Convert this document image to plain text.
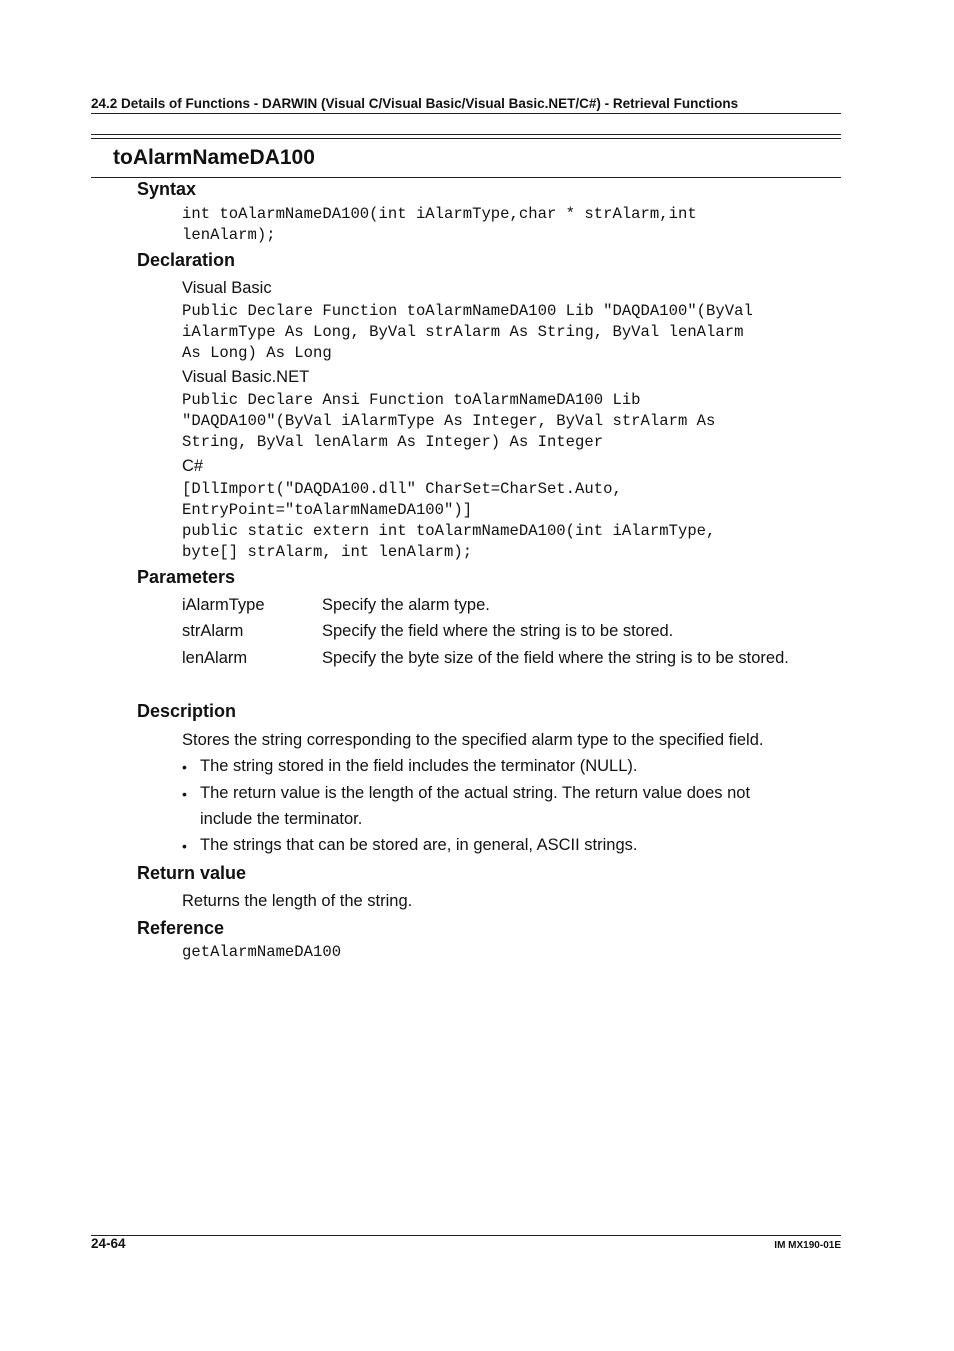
24.2 Details of Functions - DARWIN (Visual C/Visual Basic/Visual Basic.NET/C#) - Retrieval Functions
toAlarmNameDA100
Syntax
int toAlarmNameDA100(int iAlarmType,char * strAlarm,int
lenAlarm);
Declaration
Visual Basic
Public Declare Function toAlarmNameDA100 Lib "DAQDA100"(ByVal
iAlarmType As Long, ByVal strAlarm As String, ByVal lenAlarm
As Long) As Long
Visual Basic.NET
Public Declare Ansi Function toAlarmNameDA100 Lib
"DAQDA100"(ByVal iAlarmType As Integer, ByVal strAlarm As
String, ByVal lenAlarm As Integer) As Integer
C#
[DllImport("DAQDA100.dll" CharSet=CharSet.Auto,
EntryPoint="toAlarmNameDA100")]
public static extern int toAlarmNameDA100(int iAlarmType,
byte[] strAlarm, int lenAlarm);
Parameters
iAlarmType	Specify the alarm type.
strAlarm	Specify the field where the string is to be stored.
lenAlarm	Specify the byte size of the field where the string is to be stored.
Description
Stores the string corresponding to the specified alarm type to the specified field.
• The string stored in the field includes the terminator (NULL).
• The return value is the length of the actual string. The return value does not
include the terminator.
• The strings that can be stored are, in general, ASCII strings.
Return value
Returns the length of the string.
Reference
getAlarmNameDA100
24-64	IM MX190-01E
